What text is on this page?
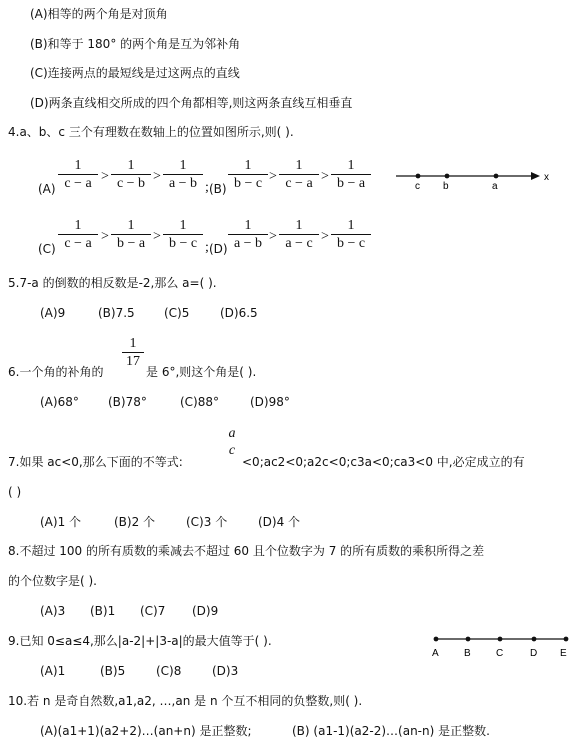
(A)相等的两个角是对顶角
(B)和等于 180° 的两个角是互为邻补角
(C)连接两点的最短线是过这两点的直线
(D)两条直线相交所成的四个角都相等,则这两条直线互相垂直
4.a、b、c 三个有理数在数轴上的位置如图所示,则( ).
$(A) \frac{1}{c - a} > \frac{1}{c - b} > \frac{1}{a - b}$ ; $(B) \frac{1}{b - c} > \frac{1}{c - a} > \frac{1}{b - a}$	c b	a
x
$(C) \frac{1}{c - a} > \frac{1}{b - a} > \frac{1}{b - c}$ ; $(D) \frac{1}{a - b} > \frac{1}{a - c} > \frac{1}{b - c}$
5.7-a 的倒数的相反数是-2,那么 a=( ).
(A)9	(B)7.5 (C)5	(D)6.5
6.一个角的补角的
$\frac{1}{17}$
是 6°,则这个角是( ).
(A)68° (B)78°	(C)88°	(D)98°
7.如果 ac<0,那么下面的不等式:
a
c
<0;ac2<0;a2c<0;c3a<0;ca3<0 中,必定成立的有
( )
(A)1 个	(B)2 个	(C)3 个	(D)4 个
8.不超过 100 的所有质数的乘减去不超过 60 且个位数字为 7 的所有质数的乘积所得之差
的个位数字是( ).
(A)3 (B)1 (C)7 (D)9
9.已知 0≤a≤4,那么|a-2|+|3-a|的最大值等于( ).
A	B	C	D E
(A)1	(B)5	(C)8	(D)3
10.若 n 是奇自然数,a1,a2, …,an 是 n 个互不相同的负整数,则( ).
(A)(a1+1)(a2+2)…(an+n) 是正整数;	(B) (a1-1)(a2-2)…(an-n) 是正整数.
